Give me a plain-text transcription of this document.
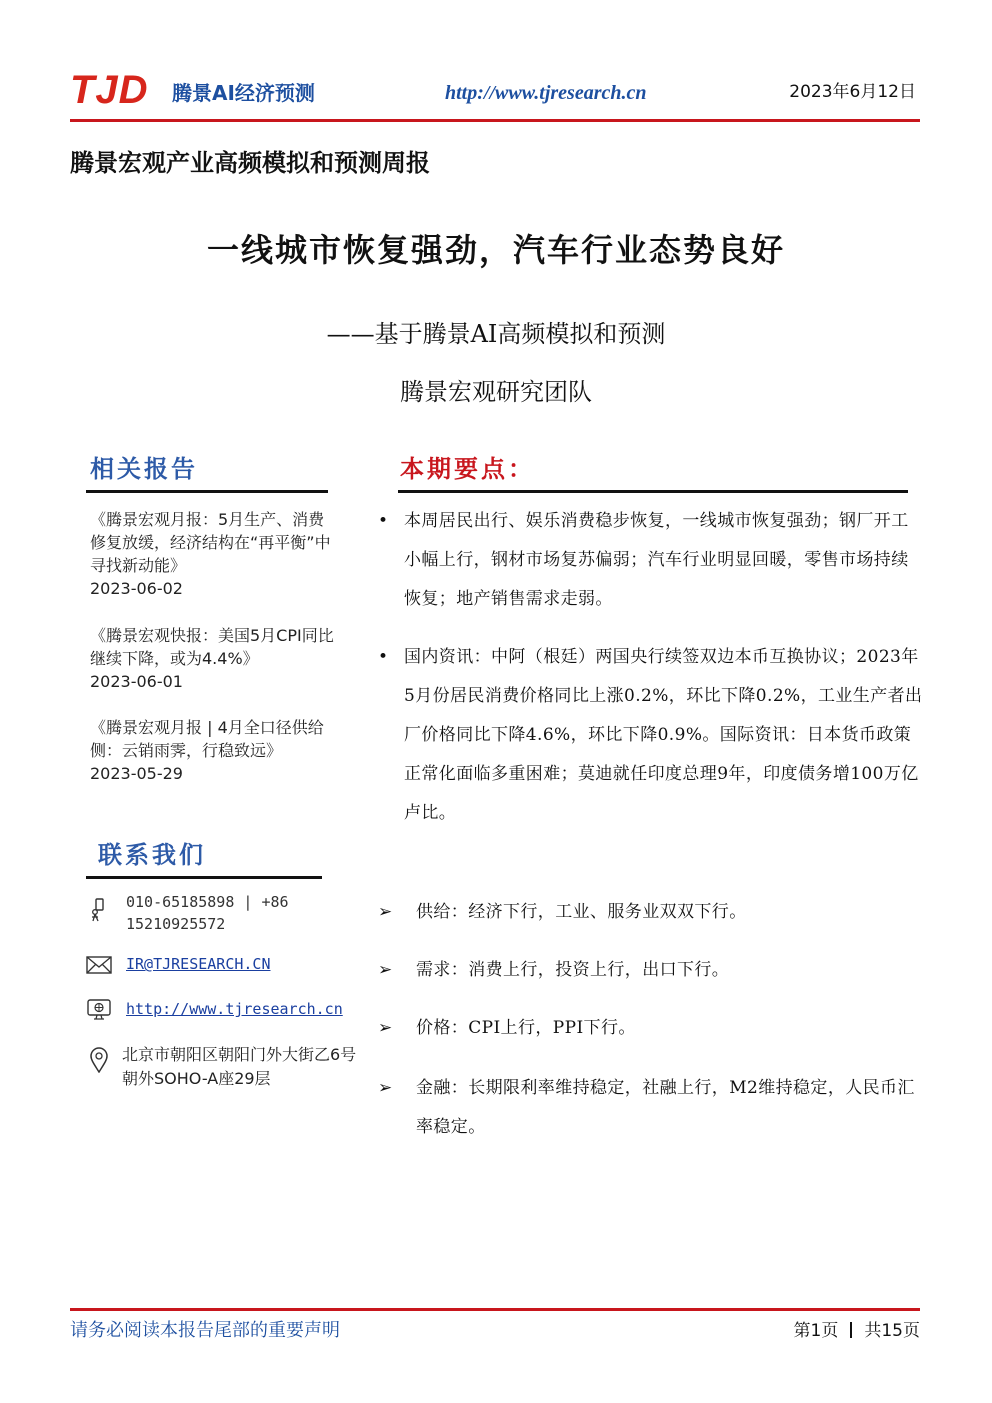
TJD 腾景AI经济预测	http://www.tjresearch.cn	2023年6月12日
腾景宏观产业高频模拟和预测周报
一线城市恢复强劲，汽车行业态势良好
——基于腾景AI高频模拟和预测
腾景宏观研究团队
相关报告
《腾景宏观月报：5月生产、消费修复放缓，经济结构在“再平衡”中寻找新动能》
2023-06-02
《腾景宏观快报：美国5月CPI同比继续下降，或为4.4%》
2023-06-01
《腾景宏观月报 | 4月全口径供给侧：云销雨霁，行稳致远》
2023-05-29
联系我们
010-65185898 | +86 15210925572
IR@TJRESEARCH.CN
http://www.tjresearch.cn
北京市朝阳区朝阳门外大街乙6号朝外SOHO-A座29层
本期要点：
• 本周居民出行、娱乐消费稳步恢复，一线城市恢复强劲；钢厂开工小幅上行，钢材市场复苏偏弱；汽车行业明显回暖，零售市场持续恢复；地产销售需求走弱。
• 国内资讯：中阿（根廷）两国央行续签双边本币互换协议；2023年5月份居民消费价格同比上涨0.2%，环比下降0.2%，工业生产者出厂价格同比下降4.6%，环比下降0.9%。国际资讯：日本货币政策正常化面临多重困难；莫迪就任印度总理9年，印度债务增100万亿卢比。
➢	供给：经济下行，工业、服务业双双下行。
➢	需求：消费上行，投资上行，出口下行。
➢	价格：CPI上行，PPI下行。
➢	金融：长期限利率维持稳定，社融上行，M2维持稳定，人民币汇率稳定。
请务必阅读本报告尾部的重要声明	第1页 共15页
